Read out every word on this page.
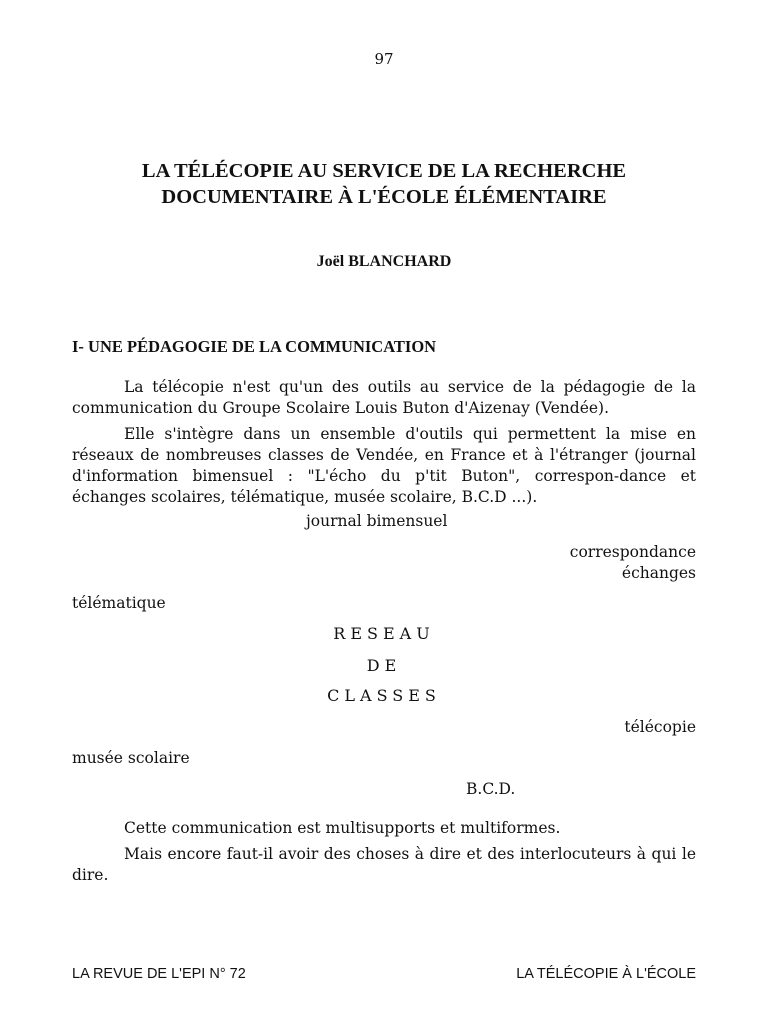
97
LA TÉLÉCOPIE AU SERVICE DE LA RECHERCHE
DOCUMENTAIRE À L'ÉCOLE ÉLÉMENTAIRE
Joël BLANCHARD
I- UNE PÉDAGOGIE DE LA COMMUNICATION
La télécopie n'est qu'un des outils au service de la pédagogie de la communication du Groupe Scolaire Louis Buton d'Aizenay (Vendée).
Elle s'intègre dans un ensemble d'outils qui permettent la mise en réseaux de nombreuses classes de Vendée, en France et à l'étranger (journal d'information bimensuel : "L'écho du p'tit Buton", correspon-dance et échanges scolaires, télématique, musée scolaire, B.C.D ...).
journal bimensuel
correspondance
échanges
télématique
RESEAU
DE
CLASSES
télécopie
musée scolaire
B.C.D.
Cette communication est multisupports et multiformes.
Mais encore faut-il avoir des choses à dire et des interlocuteurs à qui le dire.
LA REVUE DE L'EPI N° 72	LA TÉLÉCOPIE À L'ÉCOLE
